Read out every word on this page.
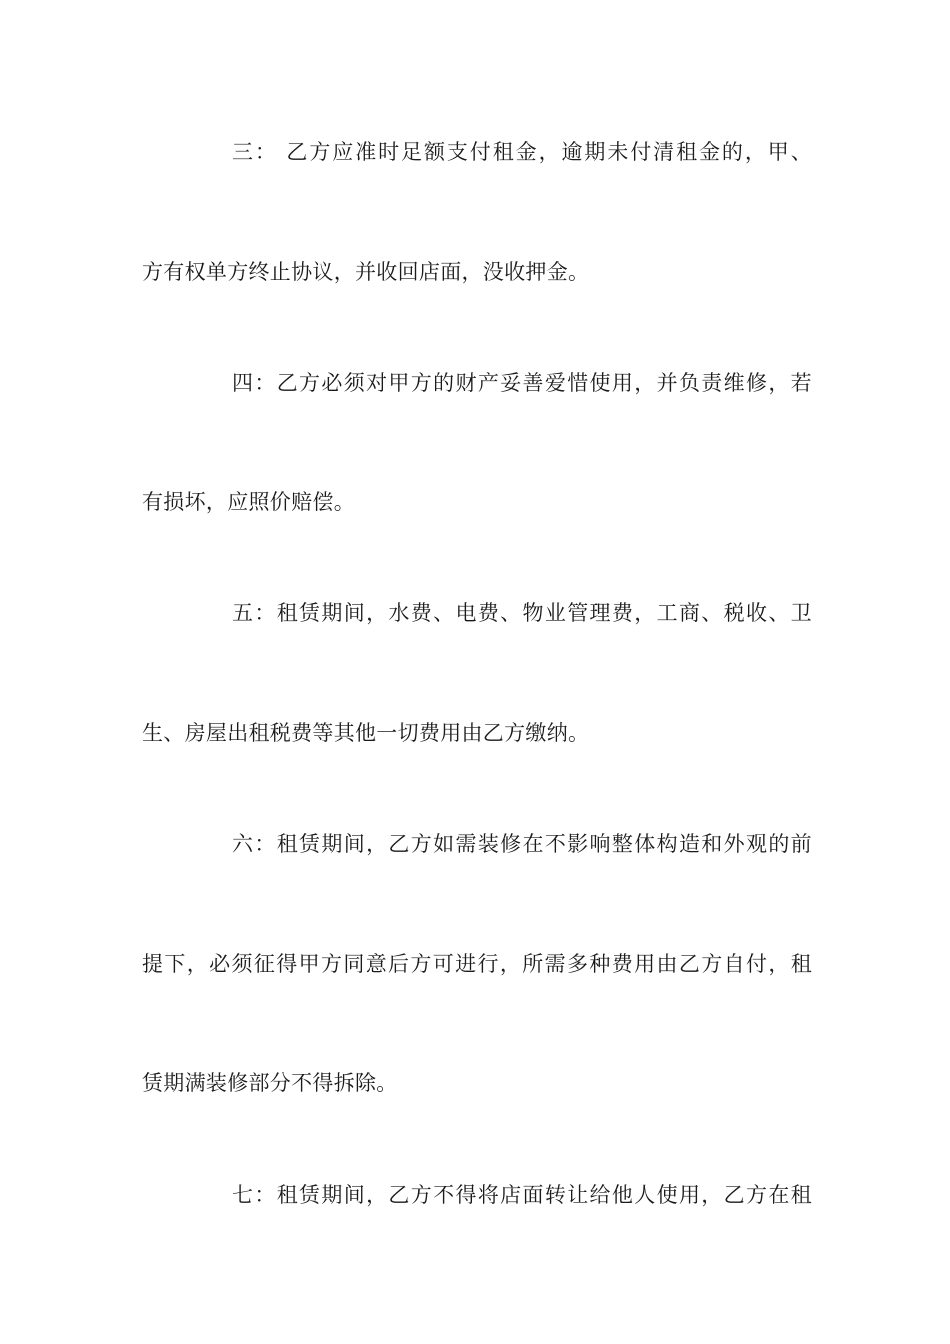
三： 乙方应准时足额支付租金，逾期未付清租金的，甲、
方有权单方终止协议，并收回店面，没收押金。
四：乙方必须对甲方的财产妥善爱惜使用，并负责维修，若
有损坏，应照价赔偿。
五：租赁期间，水费、电费、物业管理费，工商、税收、卫
生、房屋出租税费等其他一切费用由乙方缴纳。
六：租赁期间，乙方如需装修在不影响整体构造和外观的前
提下，必须征得甲方同意后方可进行，所需多种费用由乙方自付，租
赁期满装修部分不得拆除。
七：租赁期间，乙方不得将店面转让给他人使用，乙方在租
